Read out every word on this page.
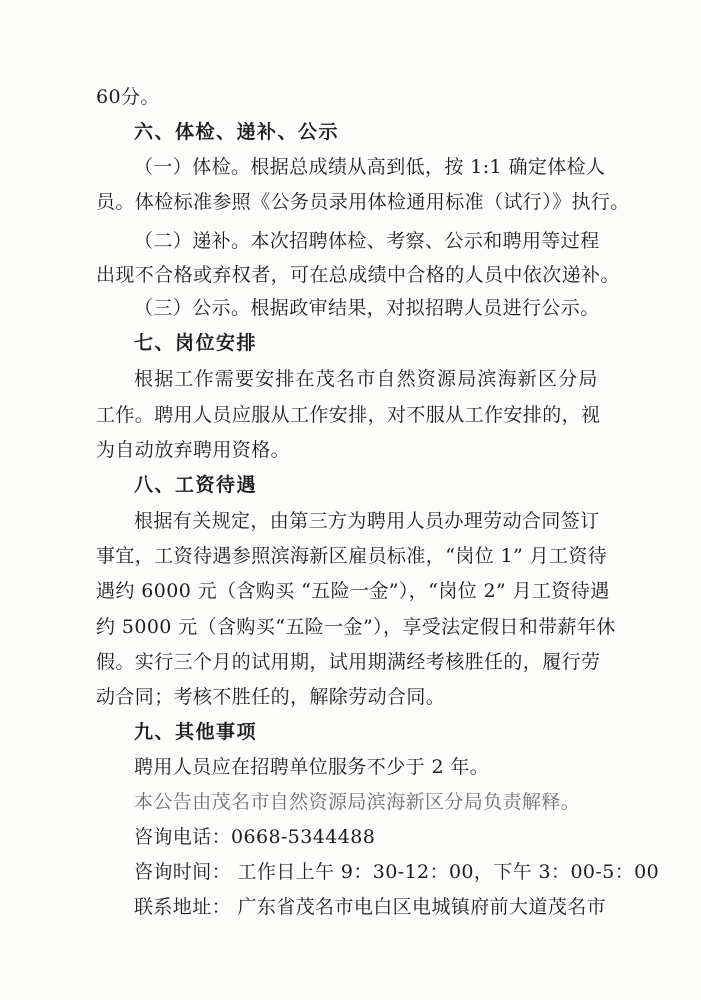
60分。
六、体检、递补、公示
（一）体检。根据总成绩从高到低，按 1:1 确定体检人
员。体检标准参照《公务员录用体检通用标准（试行）》执行。
（二）递补。本次招聘体检、考察、公示和聘用等过程
出现不合格或弃权者，可在总成绩中合格的人员中依次递补。
（三）公示。根据政审结果，对拟招聘人员进行公示。
七、岗位安排
根据工作需要安排在茂名市自然资源局滨海新区分局
工作。聘用人员应服从工作安排，对不服从工作安排的，视
为自动放弃聘用资格。
八、工资待遇
根据有关规定，由第三方为聘用人员办理劳动合同签订
事宜，工资待遇参照滨海新区雇员标准，“岗位 1” 月工资待
遇约 6000 元（含购买 “五险一金”），“岗位 2” 月工资待遇
约 5000 元（含购买“五险一金”），享受法定假日和带薪年休
假。实行三个月的试用期，试用期满经考核胜任的，履行劳
动合同；考核不胜任的，解除劳动合同。
九、其他事项
聘用人员应在招聘单位服务不少于 2 年。
本公告由茂名市自然资源局滨海新区分局负责解释。
咨询电话：0668-5344488
咨询时间： 工作日上午 9：30-12：00，下午 3：00-5：00
联系地址： 广东省茂名市电白区电城镇府前大道茂名市
